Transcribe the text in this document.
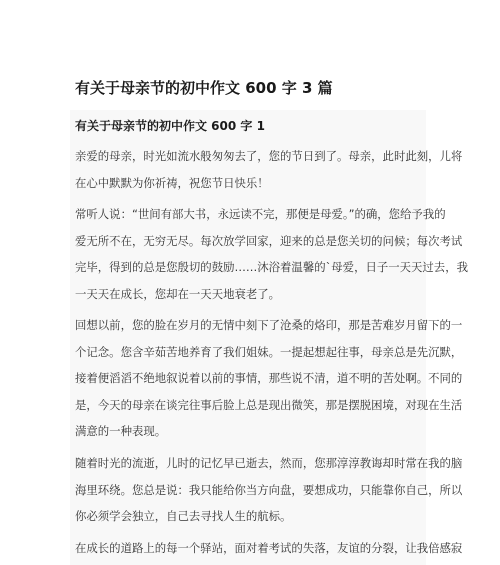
有关于母亲节的初中作文 600 字 3 篇
有关于母亲节的初中作文 600 字 1

亲爱的母亲，时光如流水般匆匆去了，您的节日到了。母亲，此时此刻，儿将
在心中默默为你祈祷，祝您节日快乐！

常听人说：“世间有部大书，永远读不完，那便是母爱。”的确，您给予我的
爱无所不在，无穷无尽。每次放学回家，迎来的总是您关切的问候；每次考试
完毕，得到的总是您殷切的鼓励……沐浴着温馨的`母爱，日子一天天过去，我
一天天在成长，您却在一天天地衰老了。

回想以前，您的脸在岁月的无情中刻下了沧桑的烙印，那是苦难岁月留下的一
个记念。您含辛茹苦地养育了我们姐妹。一提起想起往事，母亲总是先沉默，
接着便滔滔不绝地叙说着以前的事情，那些说不清，道不明的苦处啊。不同的
是，今天的母亲在谈完往事后脸上总是现出微笑，那是摆脱困境，对现在生活
满意的一种表现。

随着时光的流逝，儿时的记忆早已逝去，然而，您那淳淳教诲却时常在我的脑
海里环绕。您总是说：我只能给你当方向盘，要想成功，只能靠你自己，所以
你必须学会独立，自己去寻找人生的航标。

在成长的道路上的每一个驿站，面对着考试的失落，友谊的分裂，让我倍感寂
